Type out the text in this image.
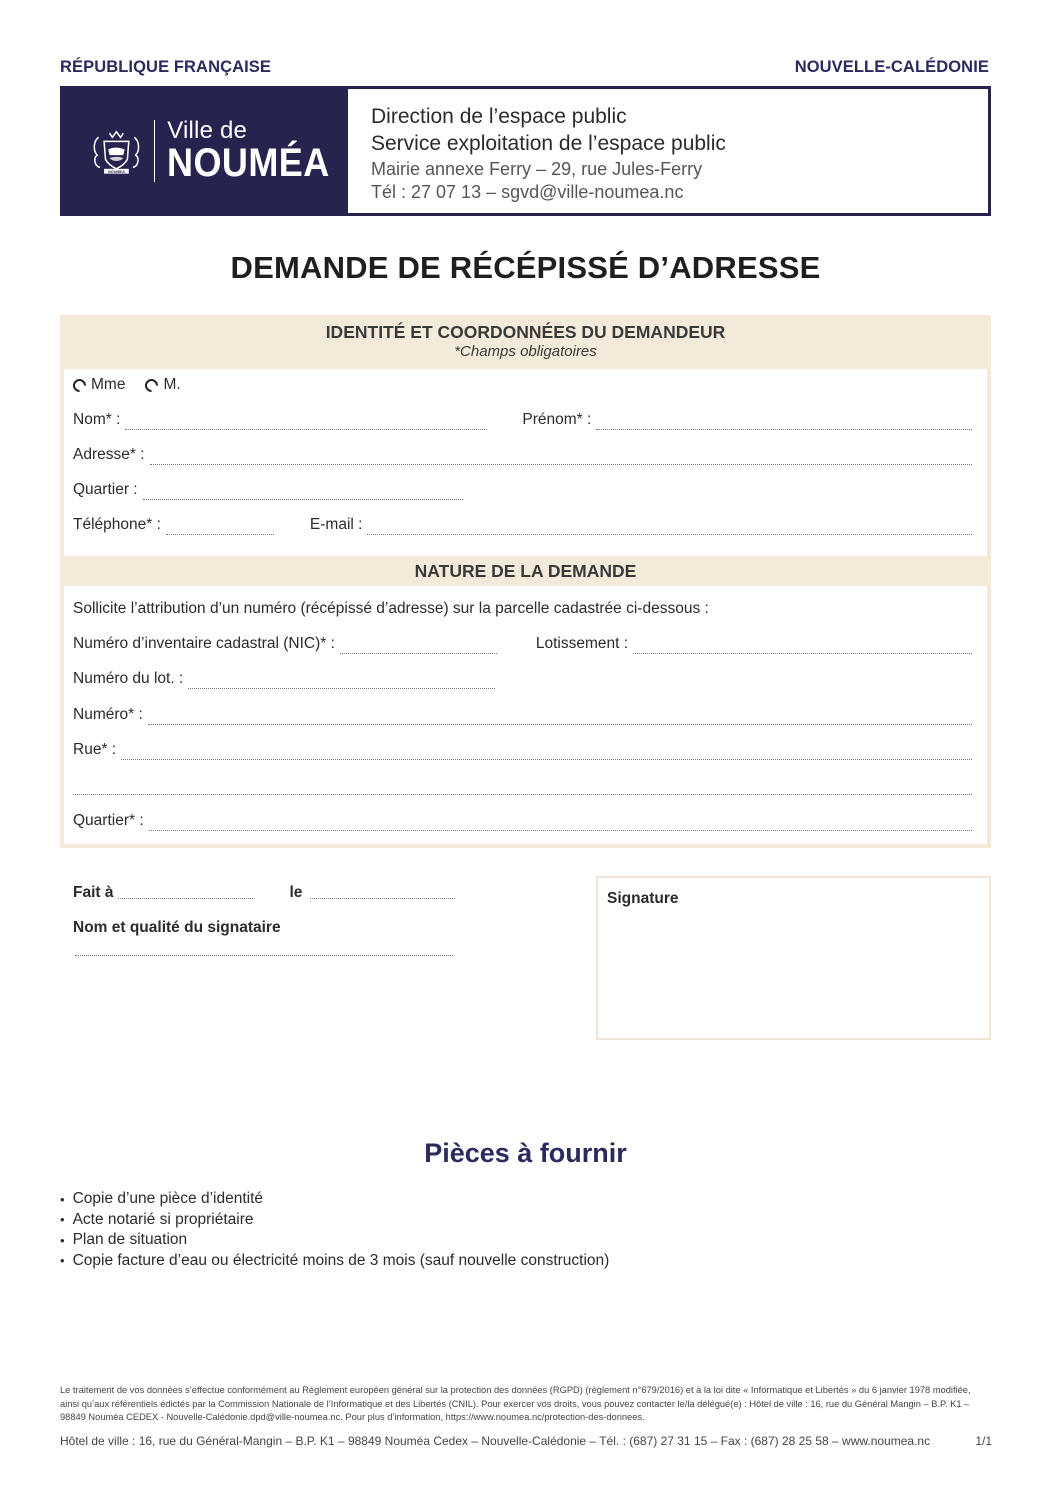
RÉPUBLIQUE FRANÇAISE	NOUVELLE-CALÉDONIE
NOUMEA
Ville de
NOUMÉA
Direction de l’espace public
Service exploitation de l’espace public
Mairie annexe Ferry – 29, rue Jules-Ferry
Tél : 27 07 13 – sgvd@ville-noumea.nc
DEMANDE DE RÉCÉPISSÉ D’ADRESSE
IDENTITÉ ET COORDONNÉES DU DEMANDEUR
*Champs obligatoires
Mme M.
Nom* :	Prénom* :
Adresse* :
Quartier :
Téléphone* :	E-mail :
NATURE DE LA DEMANDE
Sollicite l’attribution d’un numéro (récépissé d’adresse) sur la parcelle cadastrée ci-dessous :
Numéro d’inventaire cadastral (NIC)* :	Lotissement :
Numéro du lot. :
Numéro* :
Rue* :
Quartier* :
Fait à	le
Nom et qualité du signataire
Signature
Pièces à fournir
• Copie d’une pièce d’identité
• Acte notarié si propriétaire
• Plan de situation
• Copie facture d’eau ou électricité moins de 3 mois (sauf nouvelle construction)
Le traitement de vos données s’effectue conformément au Règlement européen général sur la protection des données (RGPD) (règlement n°679/2016) et à la loi dite « Informatique et Libertés » du 6 janvier 1978 modifiée, ainsi qu’aux référentiels édictés par la Commission Nationale de l’Informatique et des Libertés (CNIL). Pour exercer vos droits, vous pouvez contacter le/la délégué(e) : Hôtel de ville : 16, rue du Général Mangin – B.P. K1 – 98849 Nouméa CEDEX - Nouvelle-Calédonie.dpd@ville-noumea.nc. Pour plus d’information, https://www.noumea.nc/protection-des-donnees.
Hôtel de ville : 16, rue du Général-Mangin – B.P. K1 – 98849 Nouméa Cedex – Nouvelle-Calédonie – Tél. : (687) 27 31 15 – Fax : (687) 28 25 58 – www.noumea.nc	1/1
